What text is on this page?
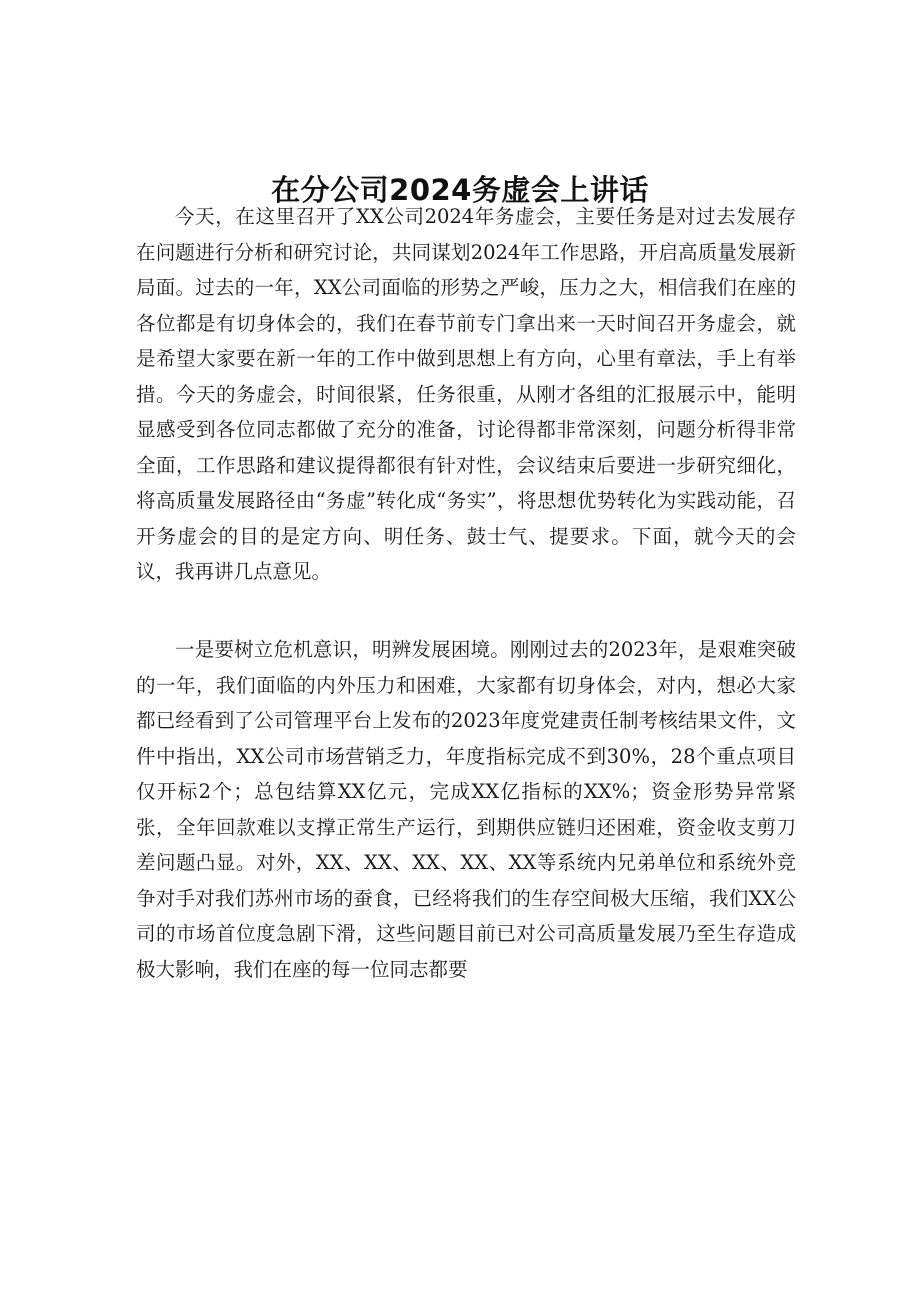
在分公司2024务虚会上讲话

今天，在这里召开了XX公司2024年务虚会，主要任务是对过去发展存在问题进行分析和研究讨论，共同谋划2024年工作思路，开启高质量发展新局面。过去的一年，XX公司面临的形势之严峻，压力之大，相信我们在座的各位都是有切身体会的，我们在春节前专门拿出来一天时间召开务虚会，就是希望大家要在新一年的工作中做到思想上有方向，心里有章法，手上有举措。今天的务虚会，时间很紧，任务很重，从刚才各组的汇报展示中，能明显感受到各位同志都做了充分的准备，讨论得都非常深刻，问题分析得非常全面，工作思路和建议提得都很有针对性，会议结束后要进一步研究细化，将高质量发展路径由“务虚”转化成“务实”，将思想优势转化为实践动能，召开务虚会的目的是定方向、明任务、鼓士气、提要求。下面，就今天的会议，我再讲几点意见。

一是要树立危机意识，明辨发展困境。刚刚过去的2023年，是艰难突破的一年，我们面临的内外压力和困难，大家都有切身体会，对内，想必大家都已经看到了公司管理平台上发布的2023年度党建责任制考核结果文件，文件中指出，XX公司市场营销乏力，年度指标完成不到30%，28个重点项目仅开标2个；总包结算XX亿元，完成XX亿指标的XX%；资金形势异常紧张，全年回款难以支撑正常生产运行，到期供应链归还困难，资金收支剪刀差问题凸显。对外，XX、XX、XX、XX、XX等系统内兄弟单位和系统外竞争对手对我们苏州市场的蚕食，已经将我们的生存空间极大压缩，我们XX公司的市场首位度急剧下滑，这些问题目前已对公司高质量发展乃至生存造成极大影响，我们在座的每一位同志都要
